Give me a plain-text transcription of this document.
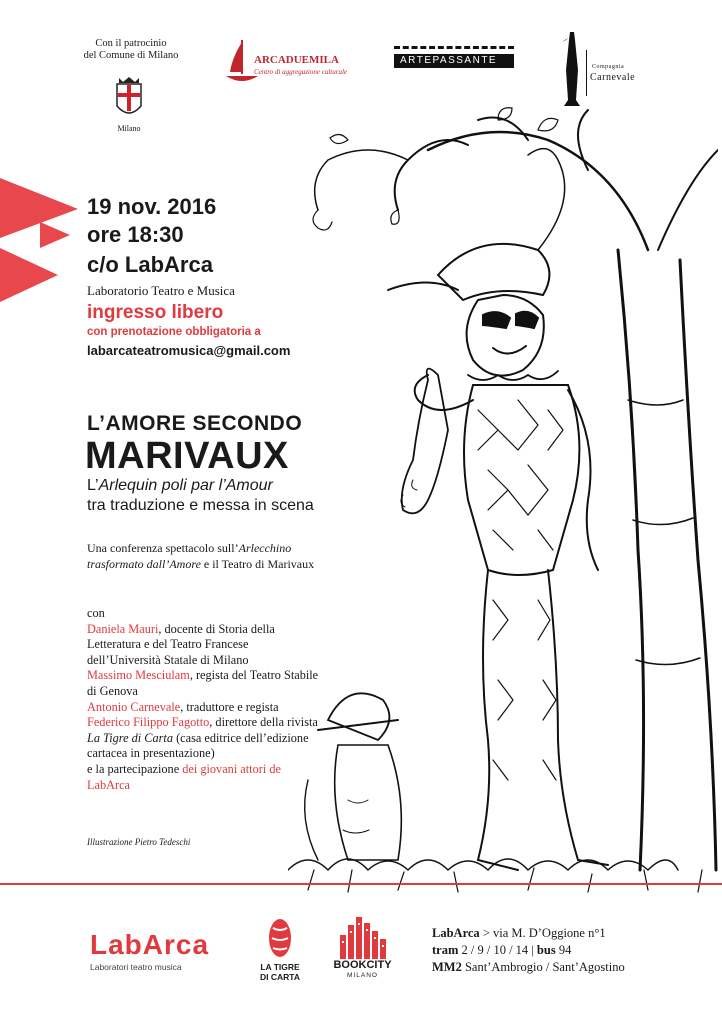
Con il patrocinio
del Comune di Milano
Milano
ARCADUEMILA
Centro di aggregazione culturale
ARTEPASSANTE
Compagnia
Carnevale
19 nov. 2016
ore 18:30
c/o LabArca
Laboratorio Teatro e Musica
ingresso libero
con prenotazione obbligatoria a
labarcateatromusica@gmail.com
L’AMORE SECONDO
MARIVAUX
L’Arlequin poli par l’Amour
tra traduzione e messa in scena
Una conferenza spettacolo sull’Arlecchino trasformato dall’Amore e il Teatro di Marivaux
con
Daniela Mauri, docente di Storia della Letteratura e del Teatro Francese dell’Università Statale di Milano
Massimo Mesciulam, regista del Teatro Stabile di Genova
Antonio Carnevale, traduttore e regista
Federico Filippo Fagotto, direttore della rivista La Tigre di Carta (casa editrice dell’edizione cartacea in presentazione)
e la partecipazione dei giovani attori de LabArca
Illustrazione Pietro Tedeschi
LabArca
Laboratori teatro musica	LA TIGRE
DI CARTA
BOOKCITY
MILANO
LabArca > via M. D’Oggione n°1
tram 2 / 9 / 10 / 14 | bus 94
MM2 Sant’Ambrogio / Sant’Agostino
